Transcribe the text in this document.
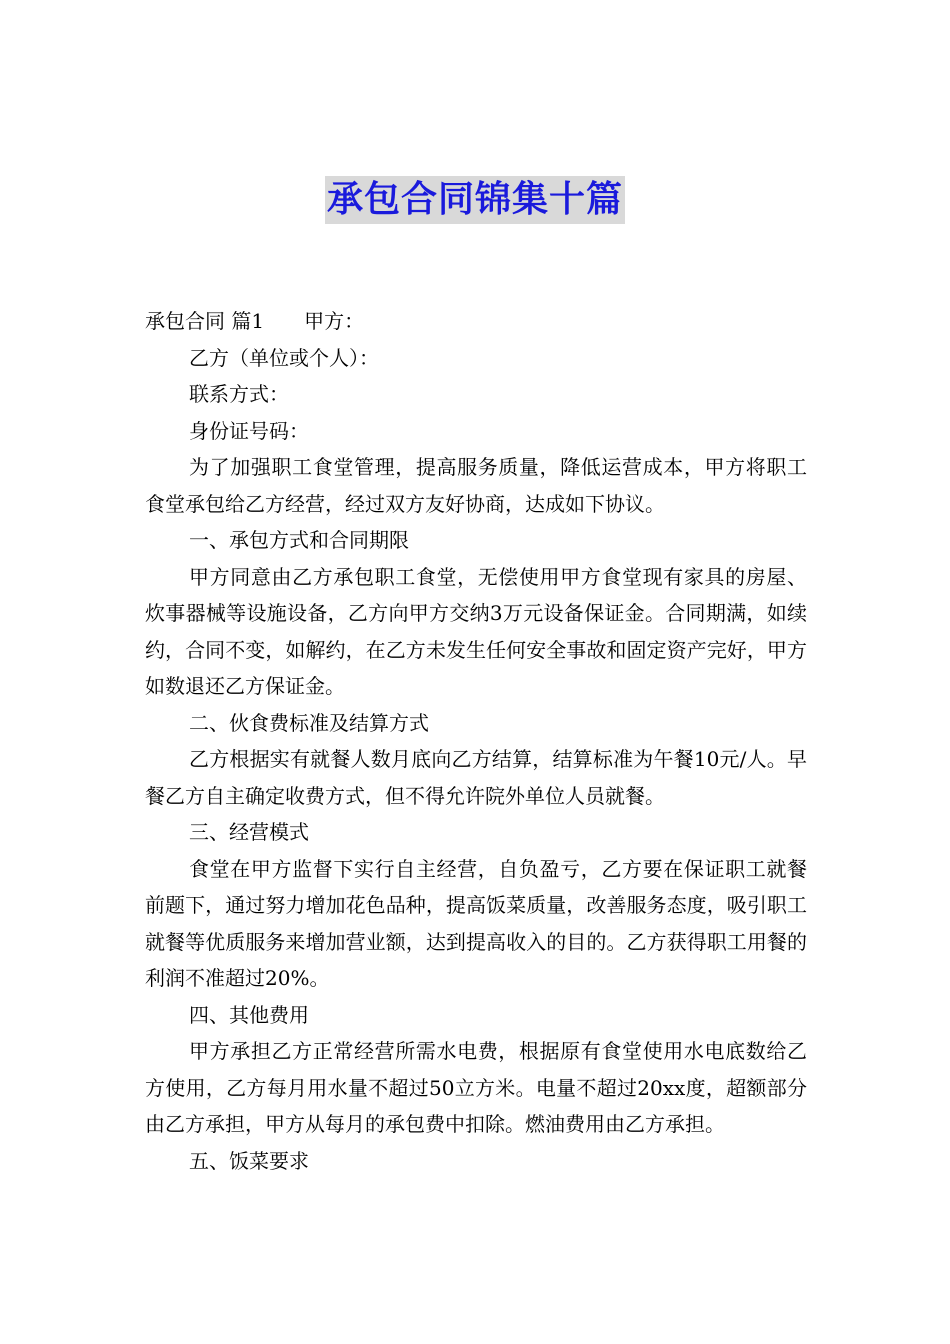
承包合同锦集十篇

承包合同 篇1 甲方：

乙方（单位或个人）：

联系方式：

身份证号码：

为了加强职工食堂管理，提高服务质量，降低运营成本，甲方将职工食堂承包给乙方经营，经过双方友好协商，达成如下协议。

一、承包方式和合同期限

甲方同意由乙方承包职工食堂，无偿使用甲方食堂现有家具的房屋、炊事器械等设施设备，乙方向甲方交纳3万元设备保证金。合同期满，如续约，合同不变，如解约，在乙方未发生任何安全事故和固定资产完好，甲方如数退还乙方保证金。

二、伙食费标准及结算方式

乙方根据实有就餐人数月底向乙方结算，结算标准为午餐10元/人。早餐乙方自主确定收费方式，但不得允许院外单位人员就餐。

三、经营模式

食堂在甲方监督下实行自主经营，自负盈亏，乙方要在保证职工就餐前题下，通过努力增加花色品种，提高饭菜质量，改善服务态度，吸引职工就餐等优质服务来增加营业额，达到提高收入的目的。乙方获得职工用餐的利润不准超过20%。

四、其他费用

甲方承担乙方正常经营所需水电费，根据原有食堂使用水电底数给乙方使用，乙方每月用水量不超过50立方米。电量不超过20xx度，超额部分由乙方承担，甲方从每月的承包费中扣除。燃油费用由乙方承担。

五、饭菜要求
